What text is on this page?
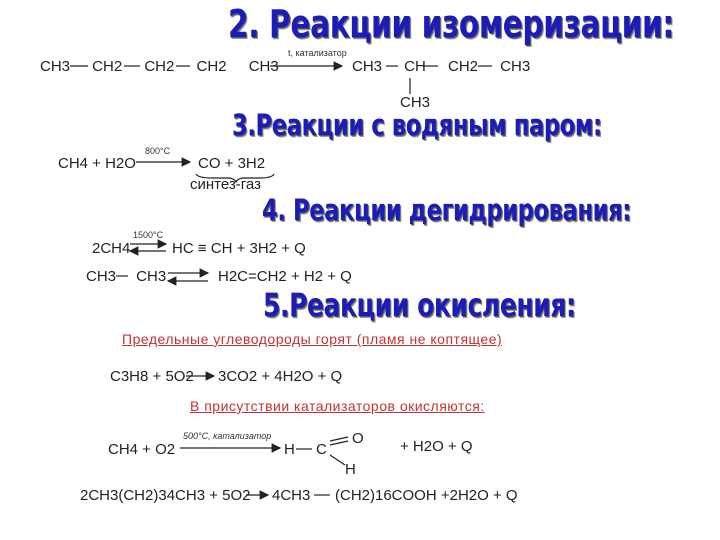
2. Реакции изомеризации:
3.Реакции с водяным паром:
4. Реакции дегидрирования:
5.Реакции окисления:
CH3 CH2 CH2 CH2 CH3
t, катализатор
CH3 CH CH2 CH3
CH3
CH4 + H2O
800°C
CO + 3H2
синтез-газ
1500°C
2CH4	HC ≡ CH + 3H2 + Q
CH3 CH3	H2C=CH2 + H2 + Q
Предельные углеводороды горят (пламя не коптящее)
C3H8 + 5O2 3CO2 + 4H2O + Q
В присутствии катализаторов окисляются:
CH4 + O2
500°C, катализатор
H C
O
H
+ H2O + Q
2CH3(CH2)34CH3 + 5O2 4CH3 (CH2)16COOH +2H2O + Q
